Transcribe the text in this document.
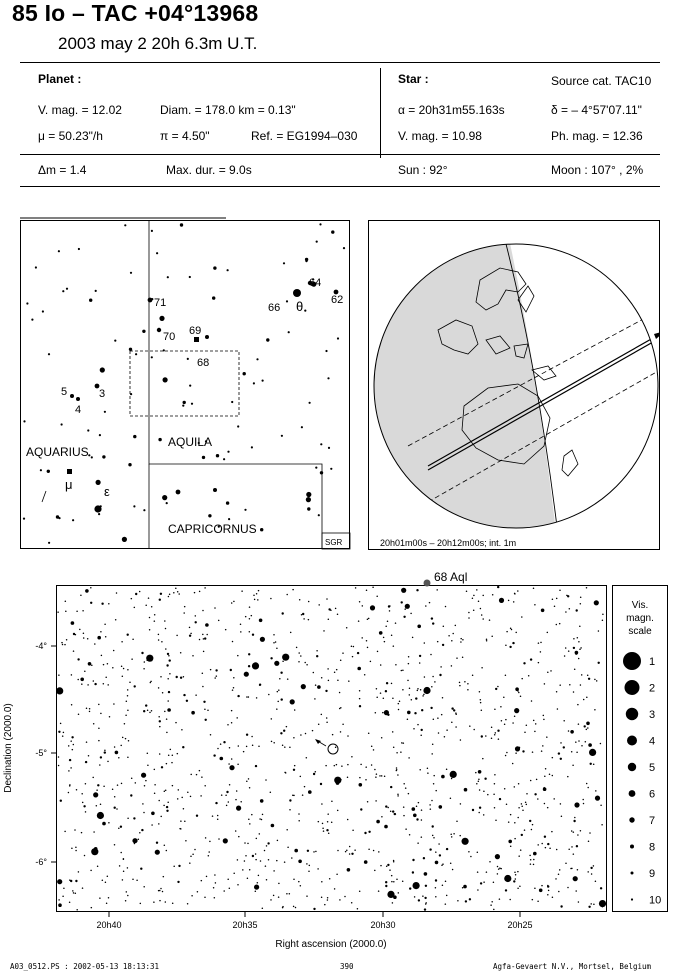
85 Io – TAC +04°13968
2003 may 2 20h 6.3m U.T.
Planet :
V. mag. = 12.02	Diam. = 178.0 km = 0.13"
μ = 50.23"/h	π = 4.50"	Ref. = EG1994–030
Star :	Source cat. TAC10
α = 20h31m55.163s	δ = – 4°57'07.11"
V. mag. = 10.98	Ph. mag. = 12.36
Δm = 1.4	Max. dur. = 9.0s	Sun : 92°	Moon : 107° , 2%
AQUARIUS
AQUILA
CAPRICORNUS
SGR
71
70 69
68
66
64
62
5	3
4
θ
μ ε
20h01m00s – 20h12m00s; int. 1m
68 Aql
-4°
-5°
-6°
Declination (2000.0)
20h40	20h35	20h30	20h25
Right ascension (2000.0)
Vis.
magn.
scale
1
2
3
4
5
6
7
8
9
10
A03_0512.PS : 2002-05-13 18:13:31	390	Agfa-Gevaert N.V., Mortsel, Belgium
